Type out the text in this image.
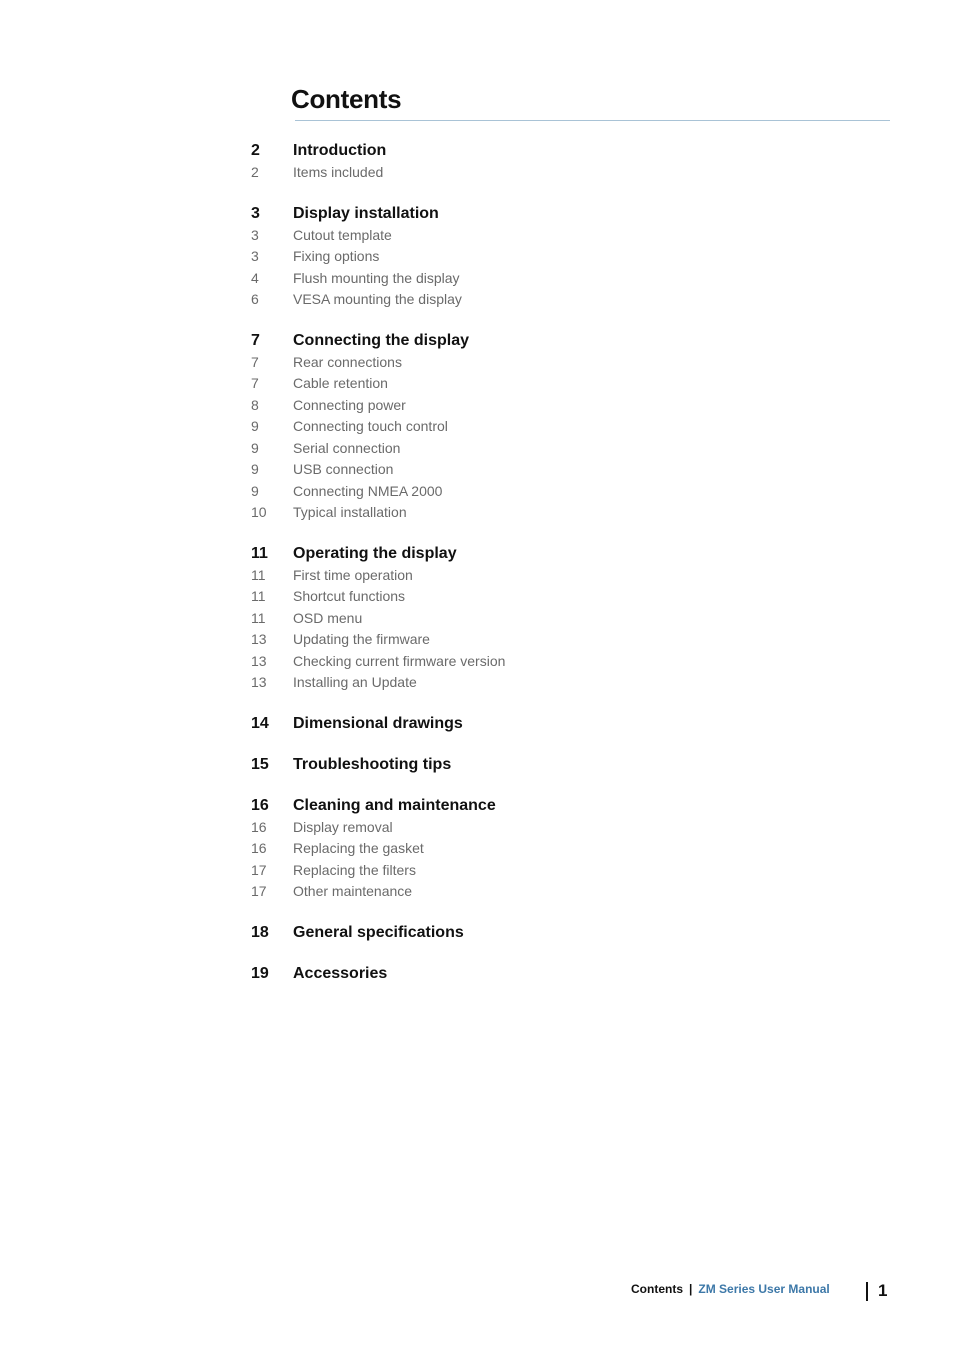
Contents
2	Introduction
2	Items included
3	Display installation
3	Cutout template
3	Fixing options
4	Flush mounting the display
6	VESA mounting the display
7	Connecting the display
7	Rear connections
7	Cable retention
8	Connecting power
9	Connecting touch control
9	Serial connection
9	USB connection
9	Connecting NMEA 2000
10	Typical installation
11	Operating the display
11	First time operation
11	Shortcut functions
11	OSD menu
13	Updating the firmware
13	Checking current firmware version
13	Installing an Update
14	Dimensional drawings
15	Troubleshooting tips
16	Cleaning and maintenance
16	Display removal
16	Replacing the gasket
17	Replacing the filters
17	Other maintenance
18	General specifications
19	Accessories
Contents | ZM Series User Manual	1
